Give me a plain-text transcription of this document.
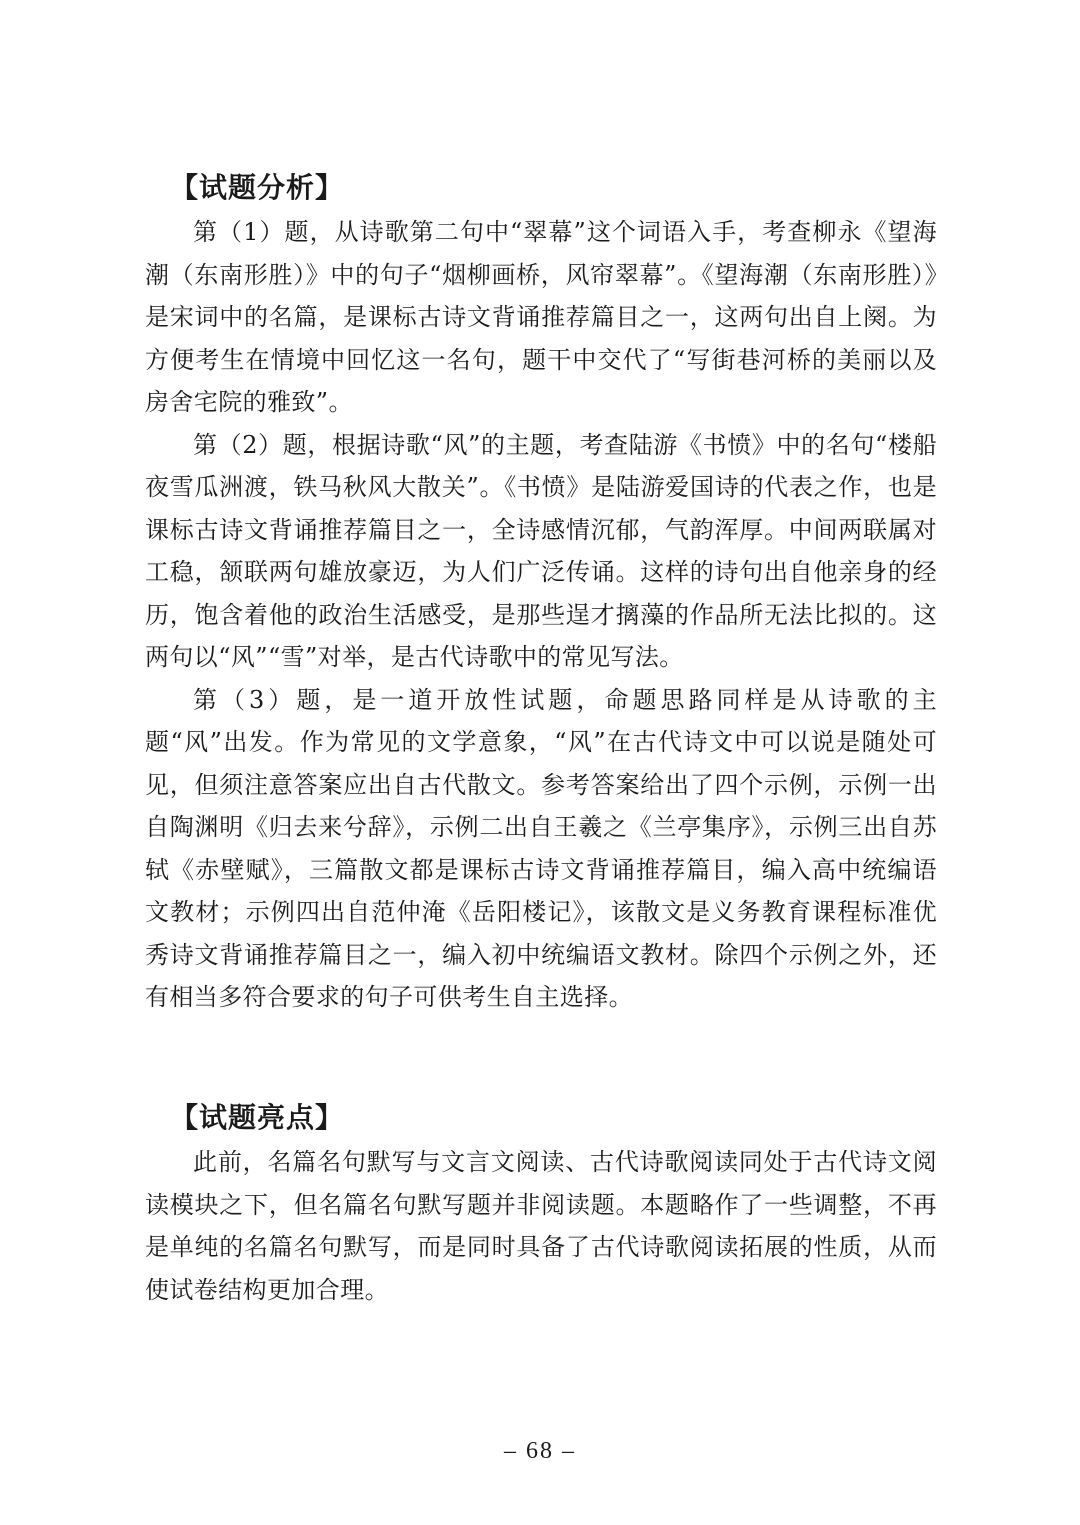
【试题分析】

第（1）题，从诗歌第二句中“翠幕”这个词语入手，考查柳永《望海潮（东南形胜）》中的句子“烟柳画桥，风帘翠幕”。《望海潮（东南形胜）》是宋词中的名篇，是课标古诗文背诵推荐篇目之一，这两句出自上阕。为方便考生在情境中回忆这一名句，题干中交代了“写街巷河桥的美丽以及房舍宅院的雅致”。

第（2）题，根据诗歌“风”的主题，考查陆游《书愤》中的名句“楼船夜雪瓜洲渡，铁马秋风大散关”。《书愤》是陆游爱国诗的代表之作，也是课标古诗文背诵推荐篇目之一，全诗感情沉郁，气韵浑厚。中间两联属对工稳，颔联两句雄放豪迈，为人们广泛传诵。这样的诗句出自他亲身的经历，饱含着他的政治生活感受，是那些逞才摛藻的作品所无法比拟的。这两句以“风”“雪”对举，是古代诗歌中的常见写法。

第（3）题，是一道开放性试题，命题思路同样是从诗歌的主题“风”出发。作为常见的文学意象，“风”在古代诗文中可以说是随处可见，但须注意答案应出自古代散文。参考答案给出了四个示例，示例一出自陶渊明《归去来兮辞》，示例二出自王羲之《兰亭集序》，示例三出自苏轼《赤壁赋》，三篇散文都是课标古诗文背诵推荐篇目，编入高中统编语文教材；示例四出自范仲淹《岳阳楼记》，该散文是义务教育课程标准优秀诗文背诵推荐篇目之一，编入初中统编语文教材。除四个示例之外，还有相当多符合要求的句子可供考生自主选择。

【试题亮点】

此前，名篇名句默写与文言文阅读、古代诗歌阅读同处于古代诗文阅读模块之下，但名篇名句默写题并非阅读题。本题略作了一些调整，不再是单纯的名篇名句默写，而是同时具备了古代诗歌阅读拓展的性质，从而使试卷结构更加合理。

– 68 –
